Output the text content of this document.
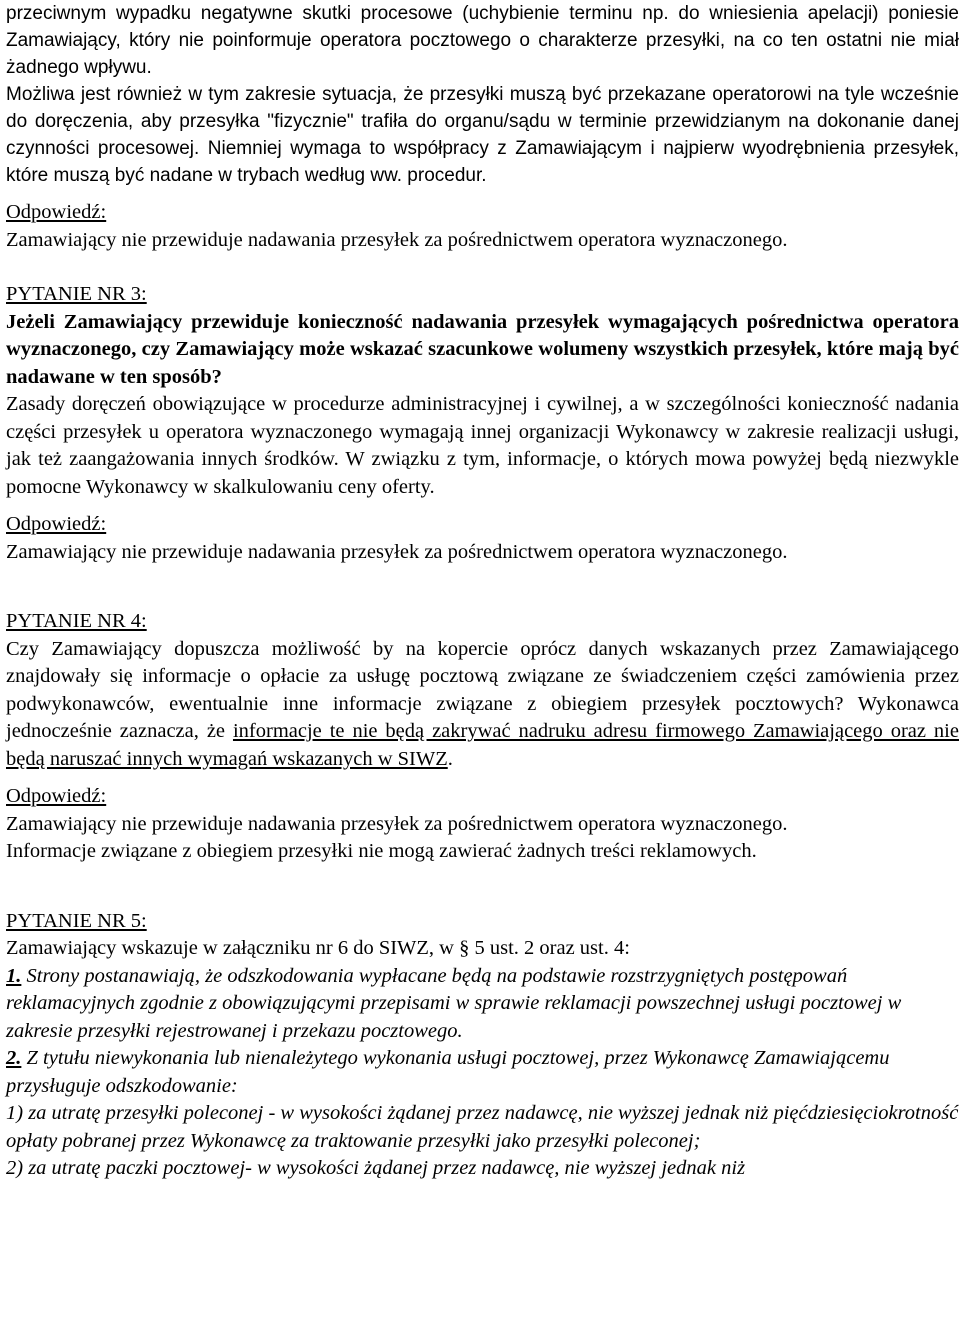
przeciwnym wypadku negatywne skutki procesowe (uchybienie terminu np. do wniesienia apelacji) poniesie Zamawiający, który nie poinformuje operatora pocztowego o charakterze przesyłki, na co ten ostatni nie miał żadnego wpływu.

Możliwa jest również w tym zakresie sytuacja, że przesyłki muszą być przekazane operatorowi na tyle wcześnie do doręczenia, aby przesyłka "fizycznie" trafiła do organu/sądu w terminie przewidzianym na dokonanie danej czynności procesowej. Niemniej wymaga to współpracy z Zamawiającym i najpierw wyodrębnienia przesyłek, które muszą być nadane w trybach według ww. procedur.

Odpowiedź:

Zamawiający nie przewiduje nadawania przesyłek za pośrednictwem operatora wyznaczonego.

PYTANIE NR 3:

Jeżeli Zamawiający przewiduje konieczność nadawania przesyłek wymagających pośrednictwa operatora wyznaczonego, czy Zamawiający może wskazać szacunkowe wolumeny wszystkich przesyłek, które mają być nadawane w ten sposób?

Zasady doręczeń obowiązujące w procedurze administracyjnej i cywilnej, a w szczególności konieczność nadania części przesyłek u operatora wyznaczonego wymagają innej organizacji Wykonawcy w zakresie realizacji usługi, jak też zaangażowania innych środków. W związku z tym, informacje, o których mowa powyżej będą niezwykle pomocne Wykonawcy w skalkulowaniu ceny oferty.

Odpowiedź:

Zamawiający nie przewiduje nadawania przesyłek za pośrednictwem operatora wyznaczonego.

PYTANIE NR 4:

Czy Zamawiający dopuszcza możliwość by na kopercie oprócz danych wskazanych przez Zamawiającego znajdowały się informacje o opłacie za usługę pocztową związane ze świadczeniem części zamówienia przez podwykonawców, ewentualnie inne informacje związane z obiegiem przesyłek pocztowych? Wykonawca jednocześnie zaznacza, że informacje te nie będą zakrywać nadruku adresu firmowego Zamawiającego oraz nie będą naruszać innych wymagań wskazanych w SIWZ.

Odpowiedź:

Zamawiający nie przewiduje nadawania przesyłek za pośrednictwem operatora wyznaczonego.

Informacje związane z obiegiem przesyłki nie mogą zawierać żadnych treści reklamowych.

PYTANIE NR 5:

Zamawiający wskazuje w załączniku nr 6 do SIWZ, w § 5 ust. 2 oraz ust. 4:

1. Strony postanawiają, że odszkodowania wypłacane będą na podstawie rozstrzygniętych postępowań reklamacyjnych zgodnie z obowiązującymi przepisami w sprawie reklamacji powszechnej usługi pocztowej w zakresie przesyłki rejestrowanej i przekazu pocztowego.

2. Z tytułu niewykonania lub nienależytego wykonania usługi pocztowej, przez Wykonawcę Zamawiającemu przysługuje odszkodowanie:

1) za utratę przesyłki poleconej - w wysokości żądanej przez nadawcę, nie wyższej jednak niż pięćdziesięciokrotność opłaty pobranej przez Wykonawcę za traktowanie przesyłki jako przesyłki poleconej;

2) za utratę paczki pocztowej- w wysokości żądanej przez nadawcę, nie wyższej jednak niż
